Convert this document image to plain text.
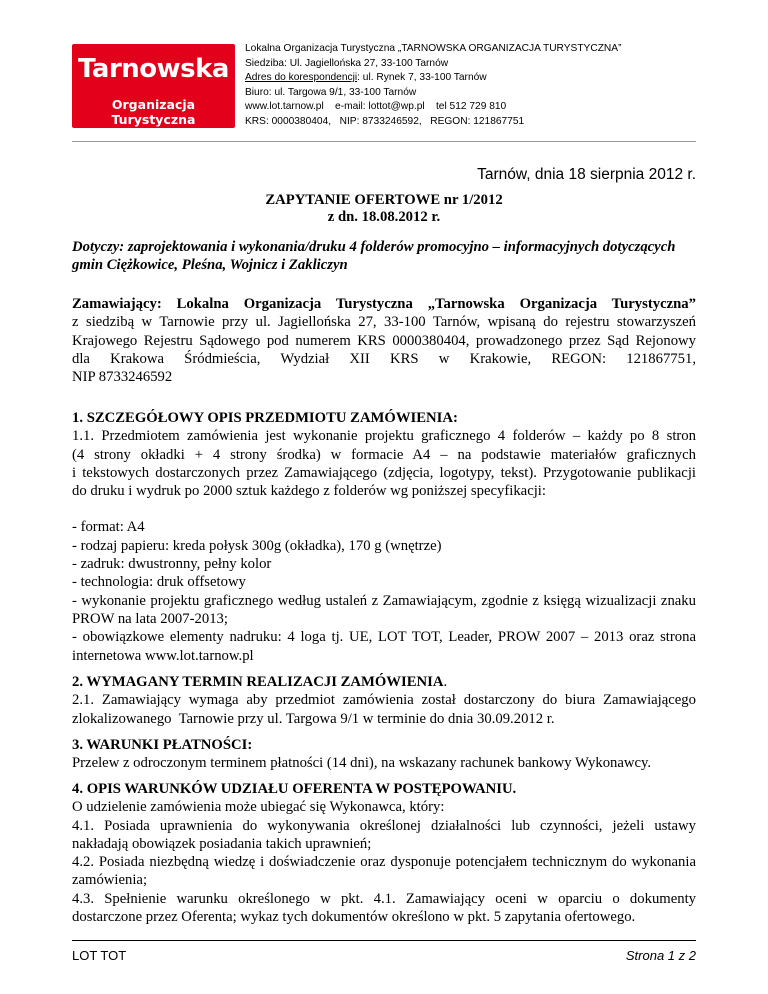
Tarnowska
Organizacja Turystyczna
Lokalna Organizacja Turystyczna „TARNOWSKA ORGANIZACJA TURYSTYCZNA”
Siedziba: Ul. Jagiellońska 27, 33-100 Tarnów
Adres do korespondencji: ul. Rynek 7, 33-100 Tarnów
Biuro: ul. Targowa 9/1, 33-100 Tarnów
www.lot.tarnow.pl e-mail: lottot@wp.pl tel 512 729 810
KRS: 0000380404,   NIP: 8733246592,   REGON: 121867751
Tarnów, dnia 18 sierpnia 2012 r.
ZAPYTANIE OFERTOWE nr 1/2012
z dn. 18.08.2012 r.
Dotyczy: zaprojektowania i wykonania/druku 4 folderów promocyjno – informacyjnych dotyczących
gmin Ciężkowice, Pleśna, Wojnicz i Zakliczyn
Zamawiający: Lokalna Organizacja Turystyczna „Tarnowska Organizacja Turystyczna”
z siedzibą w Tarnowie przy ul. Jagiellońska 27, 33-100 Tarnów, wpisaną do rejestru stowarzyszeń
Krajowego Rejestru Sądowego pod numerem KRS 0000380404, prowadzonego przez Sąd Rejonowy
dla Krakowa Śródmieścia, Wydział XII KRS w Krakowie, REGON: 121867751,
NIP 8733246592
1. SZCZEGÓŁOWY OPIS PRZEDMIOTU ZAMÓWIENIA:
1.1. Przedmiotem zamówienia jest wykonanie projektu graficznego 4 folderów – każdy po 8 stron
(4 strony okładki + 4 strony środka) w formacie A4 – na podstawie materiałów graficznych
i tekstowych dostarczonych przez Zamawiającego (zdjęcia, logotypy, tekst). Przygotowanie publikacji
do druku i wydruk po 2000 sztuk każdego z folderów wg poniższej specyfikacji:
- format: A4
- rodzaj papieru: kreda połysk 300g (okładka), 170 g (wnętrze)
- zadruk: dwustronny, pełny kolor
- technologia: druk offsetowy
- wykonanie projektu graficznego według ustaleń z Zamawiającym, zgodnie z księgą wizualizacji znaku
PROW na lata 2007-2013;
- obowiązkowe elementy nadruku: 4 loga tj. UE, LOT TOT, Leader, PROW 2007 – 2013 oraz strona
internetowa www.lot.tarnow.pl
2. WYMAGANY TERMIN REALIZACJI ZAMÓWIENIA.
2.1. Zamawiający wymaga aby przedmiot zamówienia został dostarczony do biura Zamawiającego
zlokalizowanego  Tarnowie przy ul. Targowa 9/1 w terminie do dnia 30.09.2012 r.
3. WARUNKI PŁATNOŚCI:
Przelew z odroczonym terminem płatności (14 dni), na wskazany rachunek bankowy Wykonawcy.
4. OPIS WARUNKÓW UDZIAŁU OFERENTA W POSTĘPOWANIU.
O udzielenie zamówienia może ubiegać się Wykonawca, który:
4.1. Posiada uprawnienia do wykonywania określonej działalności lub czynności, jeżeli ustawy
nakładają obowiązek posiadania takich uprawnień;
4.2. Posiada niezbędną wiedzę i doświadczenie oraz dysponuje potencjałem technicznym do wykonania
zamówienia;
4.3. Spełnienie warunku określonego w pkt. 4.1. Zamawiający oceni w oparciu o dokumenty
dostarczone przez Oferenta; wykaz tych dokumentów określono w pkt. 5 zapytania ofertowego.
LOT TOT	Strona 1 z 2
